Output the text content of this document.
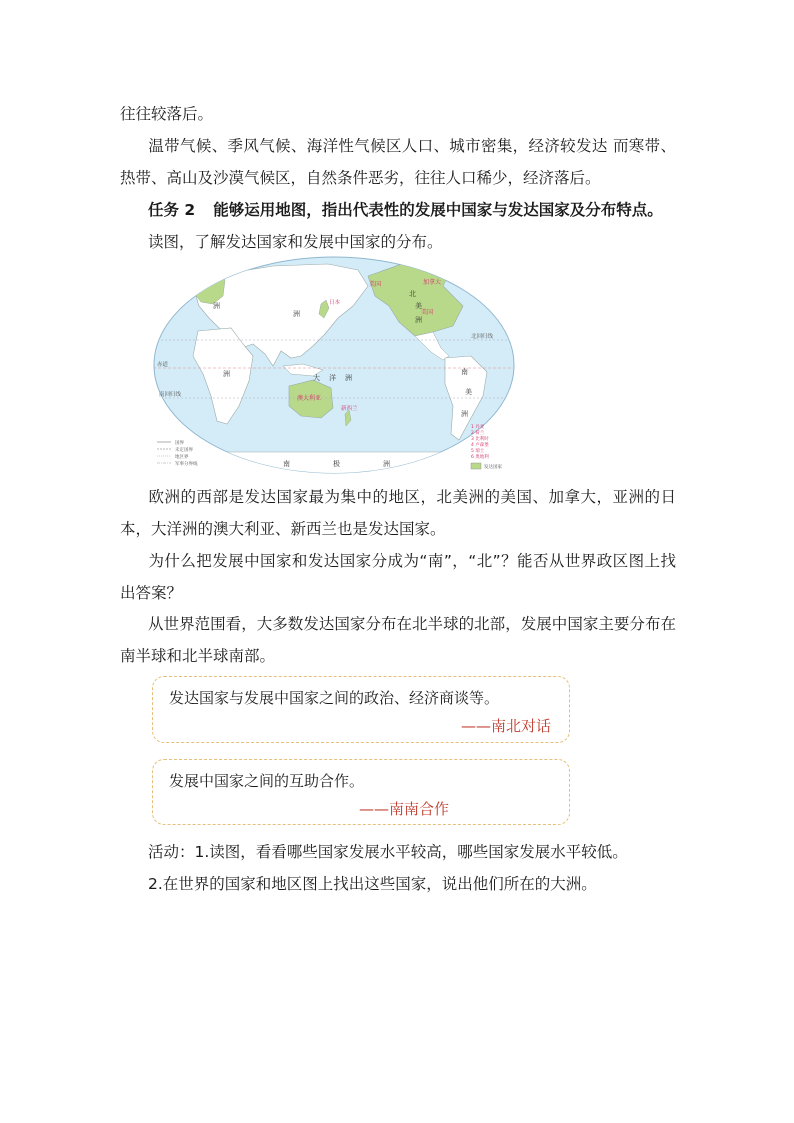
往往较落后。

温带气候、季风气候、海洋性气候区人口、城市密集，经济较发达 而寒带、热带、高山及沙漠气候区，自然条件恶劣，往往人口稀少，经济落后。

任务 2 能够运用地图，指出代表性的发展中国家与发达国家及分布特点。

读图，了解发达国家和发展中国家的分布。

洲
洲
洲	大 洋 洲
北
美
洲
南
美
洲
南	极	洲
加拿大
美国
美国
澳大利亚
新西兰
日本
赤道
北回归线
南回归线
国界
未定国界
地区界
军事分界线
1 丹麦
2 荷兰
3 比利时
4 卢森堡
5 瑞士
6 奥地利
发达国家

欧洲的西部是发达国家最为集中的地区，北美洲的美国、加拿大，亚洲的日本，大洋洲的澳大利亚、新西兰也是发达国家。

为什么把发展中国家和发达国家分成为“南”，“北”？能否从世界政区图上找出答案？

从世界范围看，大多数发达国家分布在北半球的北部，发展中国家主要分布在南半球和北半球南部。

发达国家与发展中国家之间的政治、经济商谈等。
——南北对话
发展中国家之间的互助合作。
——南南合作

活动：1.读图，看看哪些国家发展水平较高，哪些国家发展水平较低。

2.在世界的国家和地区图上找出这些国家，说出他们所在的大洲。
